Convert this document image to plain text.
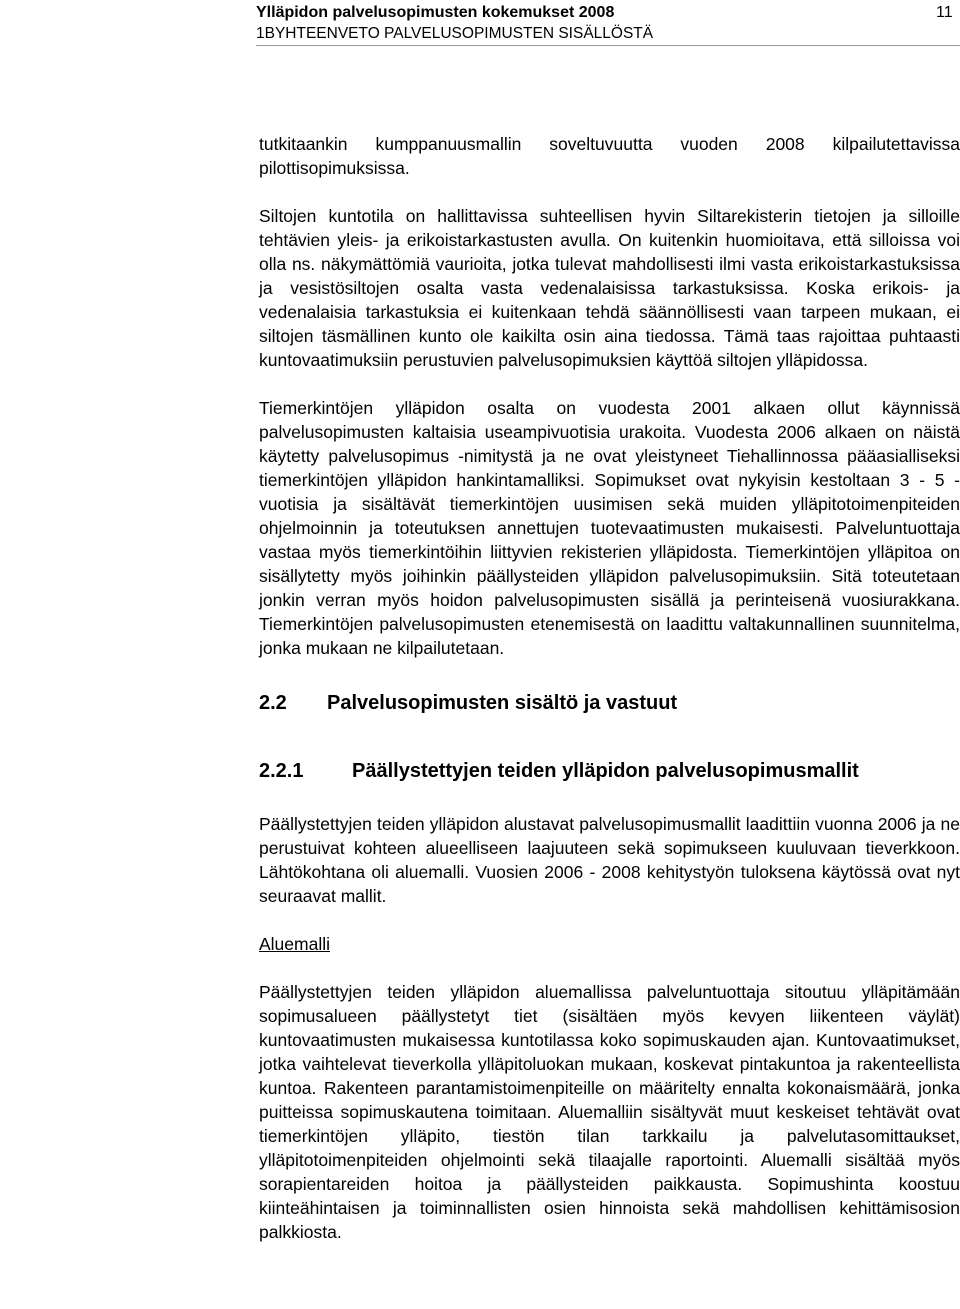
Ylläpidon palvelusopimusten kokemukset 2008
1BYHTEENVETO PALVELUSOPIMUSTEN SISÄLLÖSTÄ
11

tutkitaankin kumppanuusmallin soveltuvuutta vuoden 2008 kilpailutettavissa pilottisopimuksissa.

Siltojen kuntotila on hallittavissa suhteellisen hyvin Siltarekisterin tietojen ja silloille tehtävien yleis- ja erikoistarkastusten avulla. On kuitenkin huomioitava, että silloissa voi olla ns. näkymättömiä vaurioita, jotka tulevat mahdollisesti ilmi vasta erikoistarkastuksissa ja vesistösiltojen osalta vasta vedenalaisissa tarkastuksissa. Koska erikois- ja vedenalaisia tarkastuksia ei kuitenkaan tehdä säännöllisesti vaan tarpeen mukaan, ei siltojen täsmällinen kunto ole kaikilta osin aina tiedossa. Tämä taas rajoittaa puhtaasti kuntovaatimuksiin perustuvien palvelusopimuksien käyttöä siltojen ylläpidossa.

Tiemerkintöjen ylläpidon osalta on vuodesta 2001 alkaen ollut käynnissä palvelusopimusten kaltaisia useampivuotisia urakoita. Vuodesta 2006 alkaen on näistä käytetty palvelusopimus -nimitystä ja ne ovat yleistyneet Tiehallinnossa pääasialliseksi tiemerkintöjen ylläpidon hankintamalliksi. Sopimukset ovat nykyisin kestoltaan 3 - 5 -vuotisia ja sisältävät tiemerkintöjen uusimisen sekä muiden ylläpitotoimenpiteiden ohjelmoinnin ja toteutuksen annettujen tuotevaatimusten mukaisesti. Palveluntuottaja vastaa myös tiemerkintöihin liittyvien rekisterien ylläpidosta. Tiemerkintöjen ylläpitoa on sisällytetty myös joihinkin päällysteiden ylläpidon palvelusopimuksiin. Sitä toteutetaan jonkin verran myös hoidon palvelusopimusten sisällä ja perinteisenä vuosiurakkana. Tiemerkintöjen palvelusopimusten etenemisestä on laadittu valtakunnallinen suunnitelma, jonka mukaan ne kilpailutetaan.

2.2	Palvelusopimusten sisältö ja vastuut
2.2.1	Päällystettyjen teiden ylläpidon palvelusopimusmallit

Päällystettyjen teiden ylläpidon alustavat palvelusopimusmallit laadittiin vuonna 2006 ja ne perustuivat kohteen alueelliseen laajuuteen sekä sopimukseen kuuluvaan tieverkkoon. Lähtökohtana oli aluemalli. Vuosien 2006 - 2008 kehitystyön tuloksena käytössä ovat nyt seuraavat mallit.

Aluemalli

Päällystettyjen teiden ylläpidon aluemallissa palveluntuottaja sitoutuu ylläpitämään sopimusalueen päällystetyt tiet (sisältäen myös kevyen liikenteen väylät) kuntovaatimusten mukaisessa kuntotilassa koko sopimuskauden ajan. Kuntovaatimukset, jotka vaihtelevat tieverkolla ylläpitoluokan mukaan, koskevat pintakuntoa ja rakenteellista kuntoa. Rakenteen parantamistoimenpiteille on määritelty ennalta kokonaismäärä, jonka puitteissa sopimuskautena toimitaan. Aluemalliin sisältyvät muut keskeiset tehtävät ovat tiemerkintöjen ylläpito, tiestön tilan tarkkailu ja palvelutasomittaukset, ylläpitotoimenpiteiden ohjelmointi sekä tilaajalle raportointi. Aluemalli sisältää myös sorapientareiden hoitoa ja päällysteiden paikkausta. Sopimushinta koostuu kiinteähintaisen ja toiminnallisten osien hinnoista sekä mahdollisen kehittämisosion palkkiosta.
